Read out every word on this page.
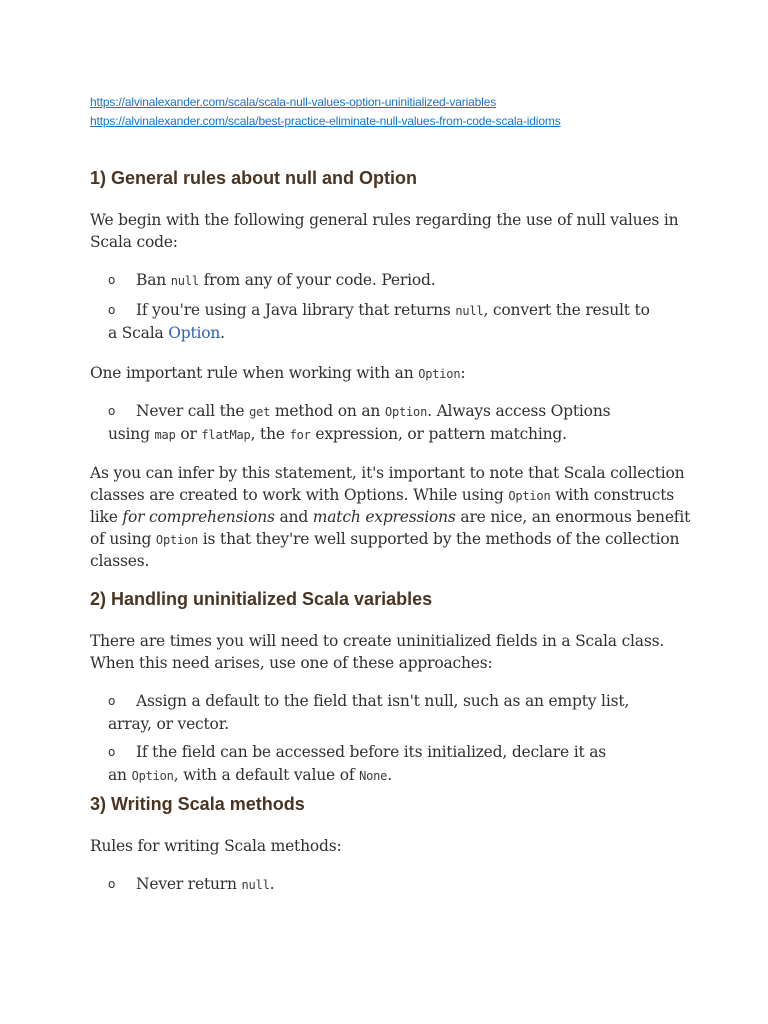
https://alvinalexander.com/scala/scala-null-values-option-uninitialized-variables
https://alvinalexander.com/scala/best-practice-eliminate-null-values-from-code-scala-idioms
1) General rules about null and Option
We begin with the following general rules regarding the use of null values in
Scala code:
o Ban null from any of your code. Period.
o If you're using a Java library that returns null, convert the result to
a Scala Option.
One important rule when working with an Option:
o Never call the get method on an Option. Always access Options
using map or flatMap, the for expression, or pattern matching.
As you can infer by this statement, it's important to note that Scala collection
classes are created to work with Options. While using Option with constructs
like for comprehensions and match expressions are nice, an enormous benefit
of using Option is that they're well supported by the methods of the collection
classes.
2) Handling uninitialized Scala variables
There are times you will need to create uninitialized fields in a Scala class.
When this need arises, use one of these approaches:
o Assign a default to the field that isn't null, such as an empty list,
array, or vector.
o If the field can be accessed before its initialized, declare it as
an Option, with a default value of None.
3) Writing Scala methods
Rules for writing Scala methods:
o Never return null.
